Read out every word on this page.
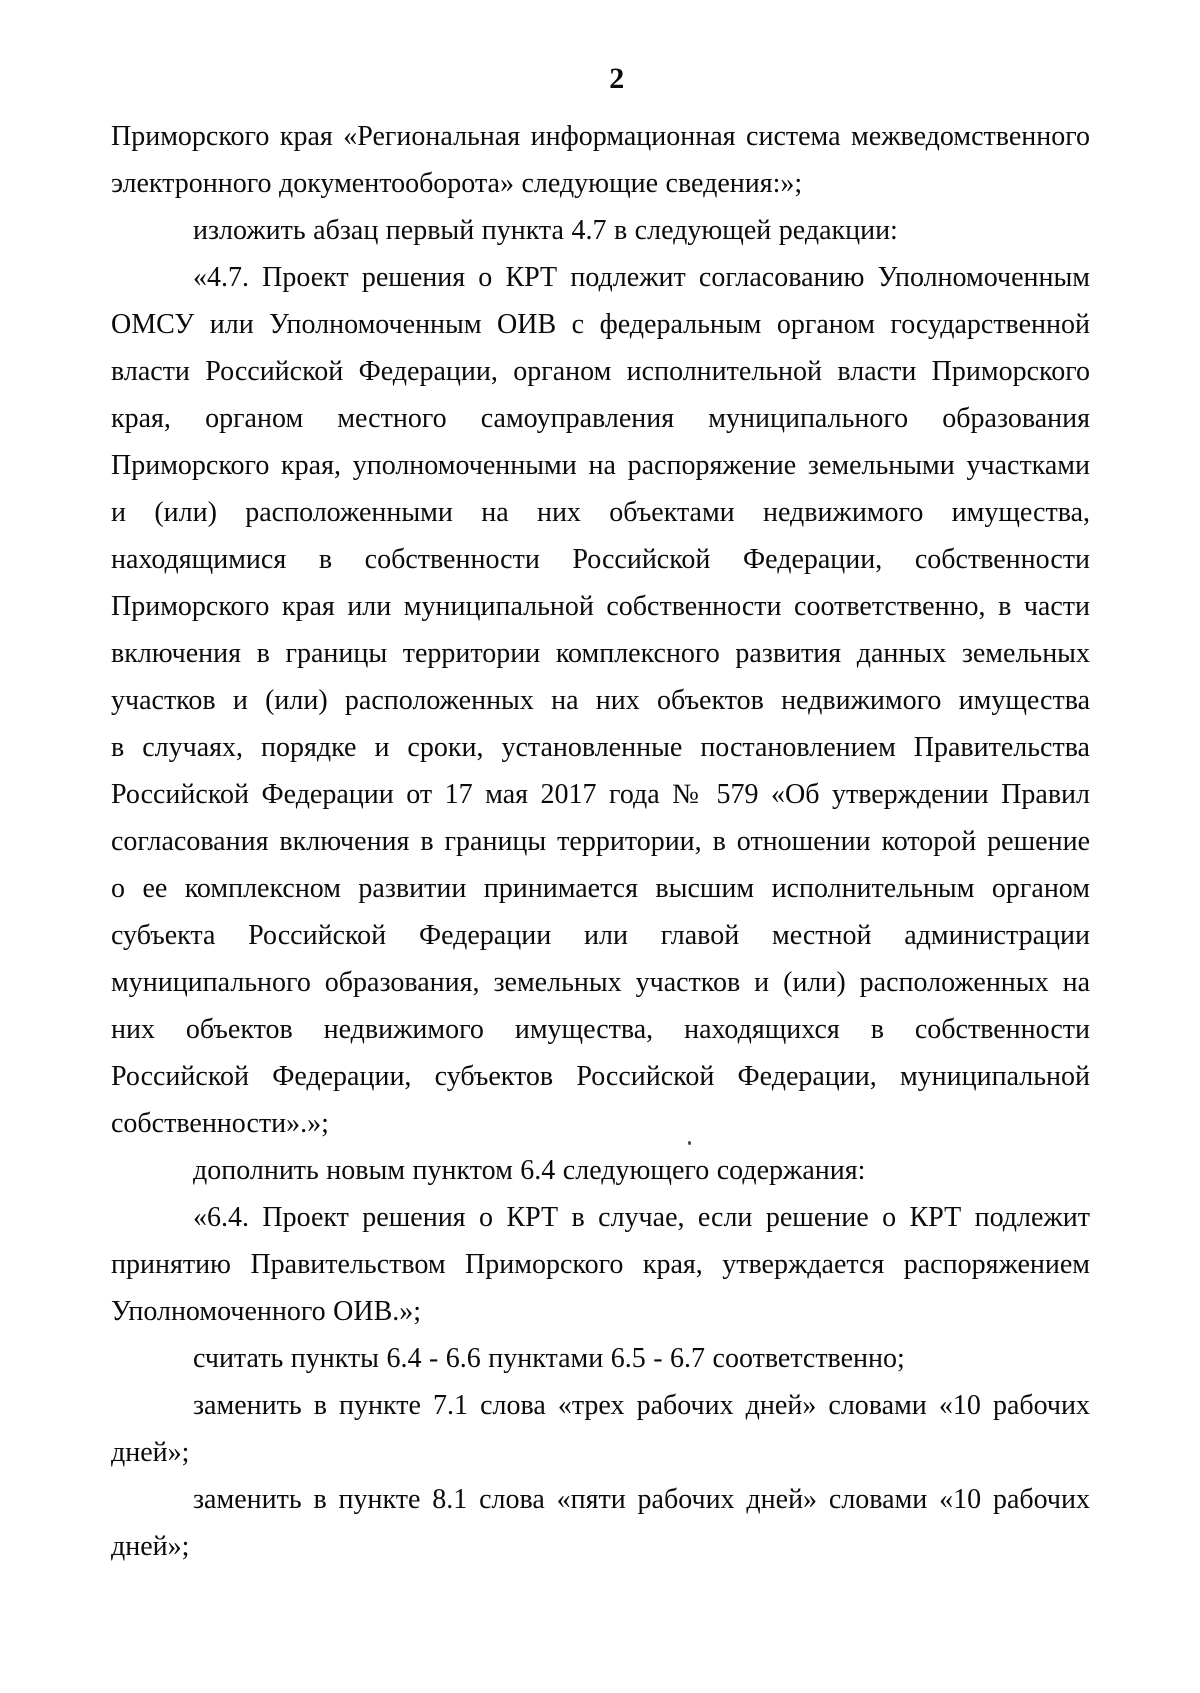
2
Приморского края «Региональная информационная система межведомственного
электронного документооборота» следующие сведения:»;
изложить абзац первый пункта 4.7 в следующей редакции:
«4.7. Проект решения о КРТ подлежит согласованию Уполномоченным
ОМСУ или Уполномоченным ОИВ с федеральным органом государственной
власти Российской Федерации, органом исполнительной власти Приморского
края, органом местного самоуправления муниципального образования
Приморского края, уполномоченными на распоряжение земельными участками
и (или) расположенными на них объектами недвижимого имущества,
находящимися в собственности Российской Федерации, собственности
Приморского края или муниципальной собственности соответственно, в части
включения в границы территории комплексного развития данных земельных
участков и (или) расположенных на них объектов недвижимого имущества
в случаях, порядке и сроки, установленные постановлением Правительства
Российской Федерации от 17 мая 2017 года № 579 «Об утверждении Правил
согласования включения в границы территории, в отношении которой решение
о ее комплексном развитии принимается высшим исполнительным органом
субъекта Российской Федерации или главой местной администрации
муниципального образования, земельных участков и (или) расположенных на
них объектов недвижимого имущества, находящихся в собственности
Российской Федерации, субъектов Российской Федерации, муниципальной
собственности».»;
дополнить новым пунктом 6.4 следующего содержания:
«6.4. Проект решения о КРТ в случае, если решение о КРТ подлежит
принятию Правительством Приморского края, утверждается распоряжением
Уполномоченного ОИВ.»;
считать пункты 6.4 - 6.6 пунктами 6.5 - 6.7 соответственно;
заменить в пункте 7.1 слова «трех рабочих дней» словами «10 рабочих
дней»;
заменить в пункте 8.1 слова «пяти рабочих дней» словами «10 рабочих
дней»;
